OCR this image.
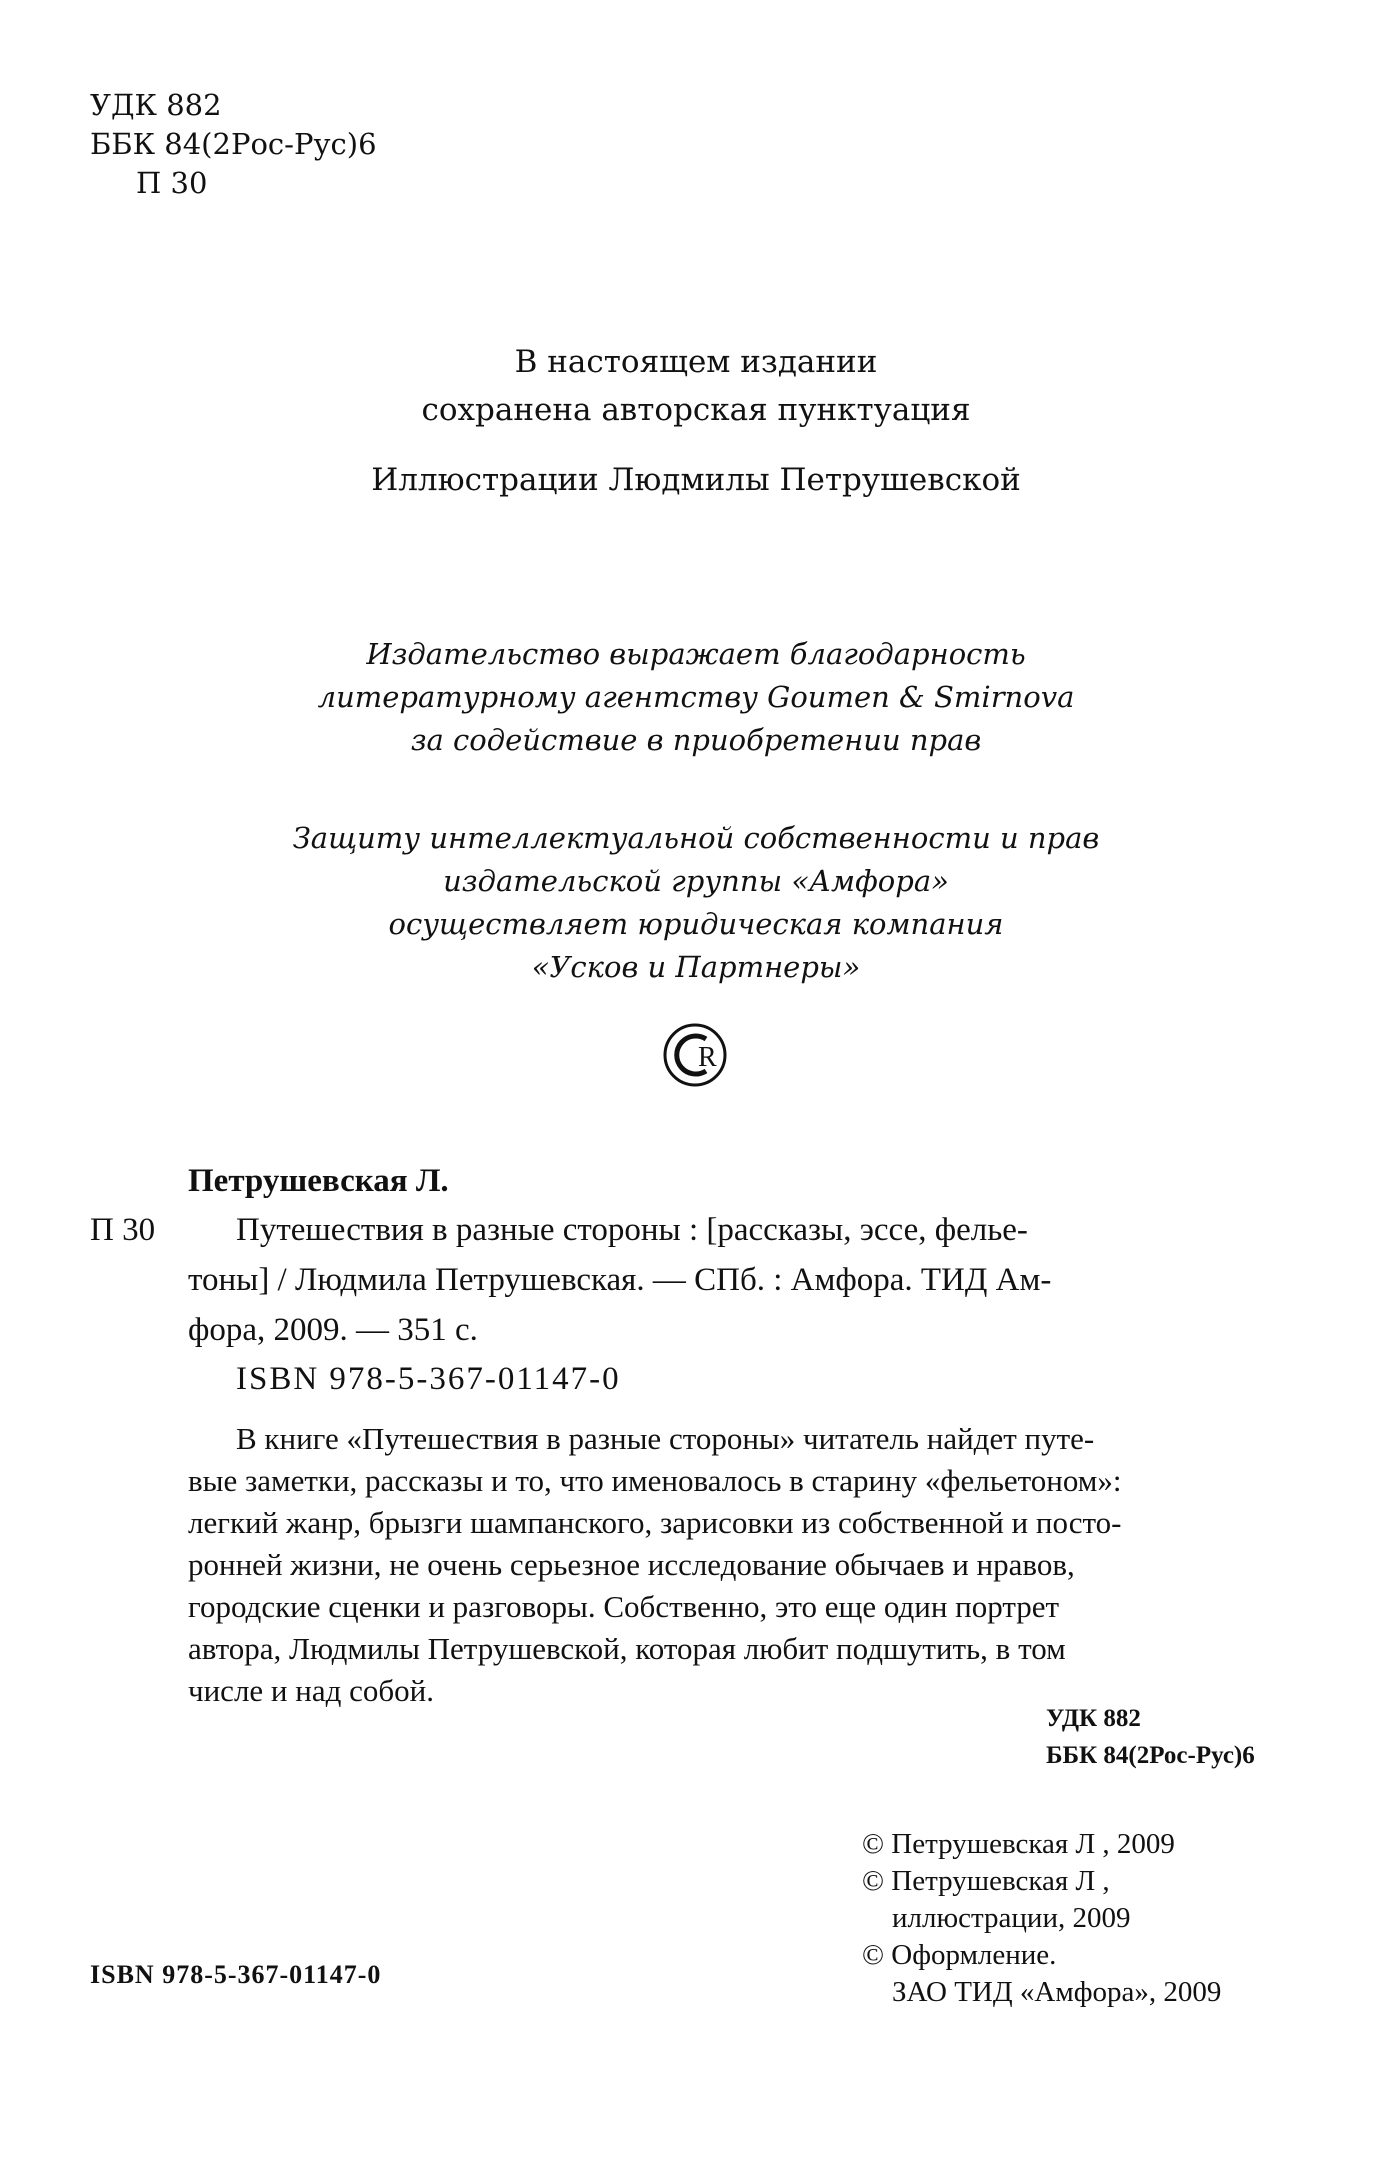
УДК 882
ББК 84(2Рос-Рус)6
П 30
В настоящем издании
сохранена авторская пунктуация
Иллюстрации Людмилы Петрушевской
Издательство выражает благодарность
литературному агентству Goumen & Smirnova
за содействие в приобретении прав
Защиту интеллектуальной собственности и прав
издательской группы «Амфора»
осуществляет юридическая компания
«Усков и Партнеры»
R
Петрушевская Л.
П 30	Путешествия в разные стороны : [рассказы, эссе, фелье-
тоны] / Людмила Петрушевская. — СПб. : Амфора. ТИД Ам-
фора, 2009. — 351 с.
ISBN 978-5-367-01147-0
В книге «Путешествия в разные стороны» читатель найдет путе-
вые заметки, рассказы и то, что именовалось в старину «фельетоном»:
легкий жанр, брызги шампанского, зарисовки из собственной и посто-
ронней жизни, не очень серьезное исследование обычаев и нравов,
городские сценки и разговоры. Собственно, это еще один портрет
автора, Людмилы Петрушевской, которая любит подшутить, в том
числе и над собой.
УДК 882
ББК 84(2Рос-Рус)6
© Петрушевская Л , 2009
© Петрушевская Л ,
иллюстрации, 2009
© Оформление.
ЗАО ТИД «Амфора», 2009
ISBN 978-5-367-01147-0
